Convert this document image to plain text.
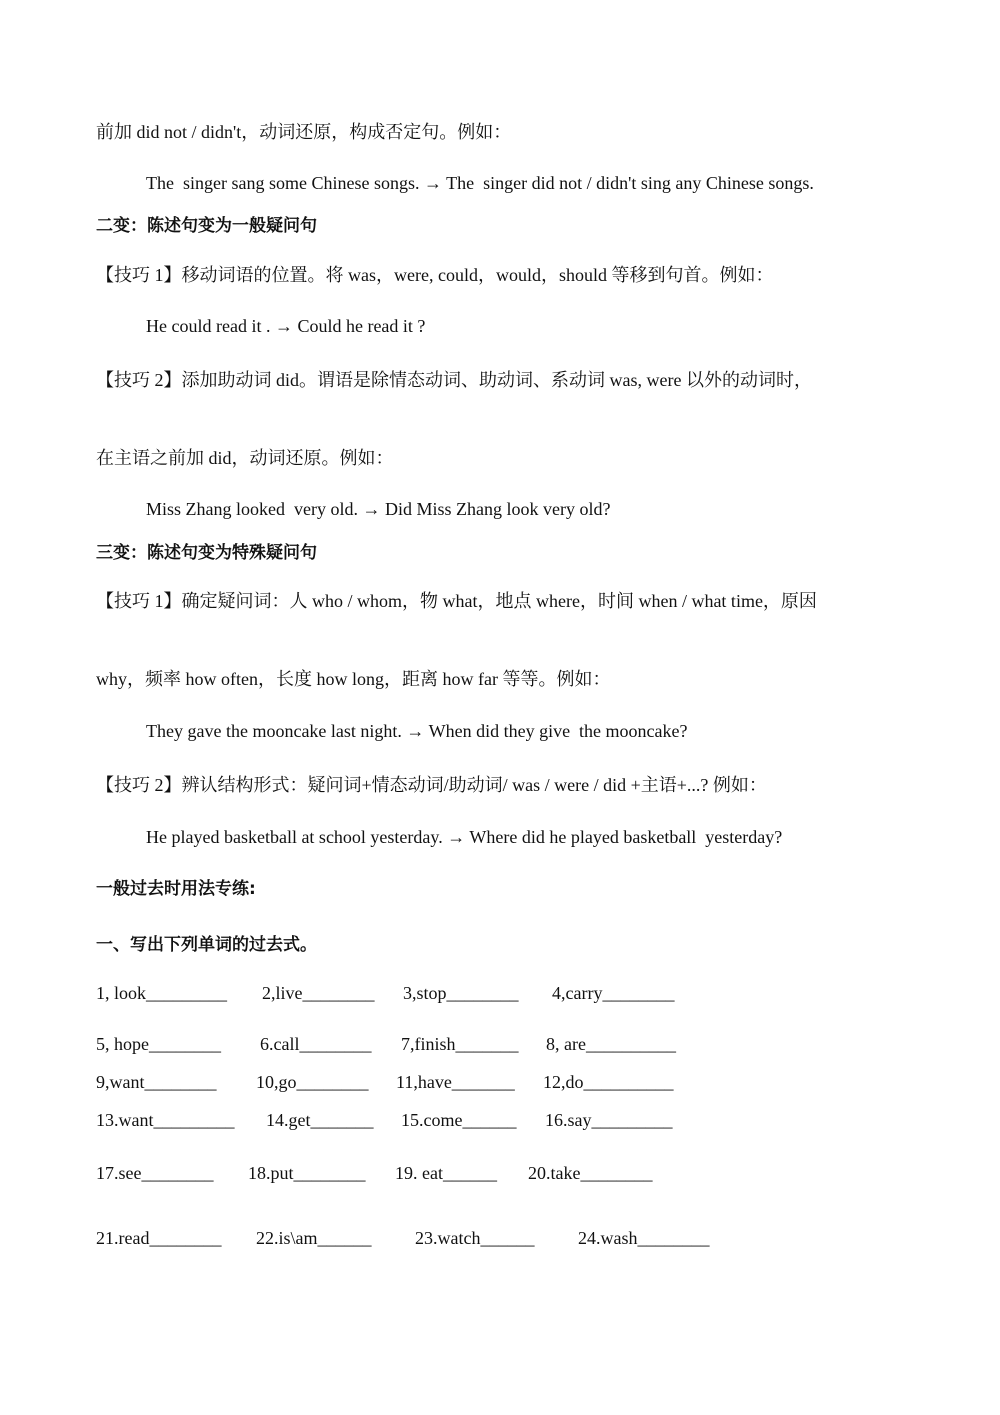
前加 did not / didn't，动词还原，构成否定句。例如：
The  singer sang some Chinese songs. → The  singer did not / didn't sing any Chinese songs.
二变：陈述句变为一般疑问句
【技巧 1】移动词语的位置。将 was，were, could，would，should 等移到句首。例如：
He could read it . → Could he read it ?
【技巧 2】添加助动词 did。谓语是除情态动词、助动词、系动词 was, were 以外的动词时，
在主语之前加 did，动词还原。例如：
Miss Zhang looked  very old. → Did Miss Zhang look very old?
三变：陈述句变为特殊疑问句
【技巧 1】确定疑问词：人 who / whom，物 what，地点 where，时间 when / what time，原因
why，频率 how often，长度 how long，距离 how far 等等。例如：
They gave the mooncake last night. → When did they give  the mooncake?
【技巧 2】辨认结构形式：疑问词+情态动词/助动词/ was / were / did +主语+...? 例如：
He played basketball at school yesterday. → Where did he played basketball  yesterday?
一般过去时用法专练:
一、写出下列单词的过去式。
1, look_________ 2,live________ 3,stop________ 4,carry________
5, hope________ 6.call________ 7,finish_______ 8, are__________
9,want________ 10,go________ 11,have_______ 12,do__________
13.want_________ 14.get_______ 15.come______ 16.say_________
17.see________ 18.put________ 19. eat______ 20.take________
21.read________ 22.is\am______ 23.watch______ 24.wash________
